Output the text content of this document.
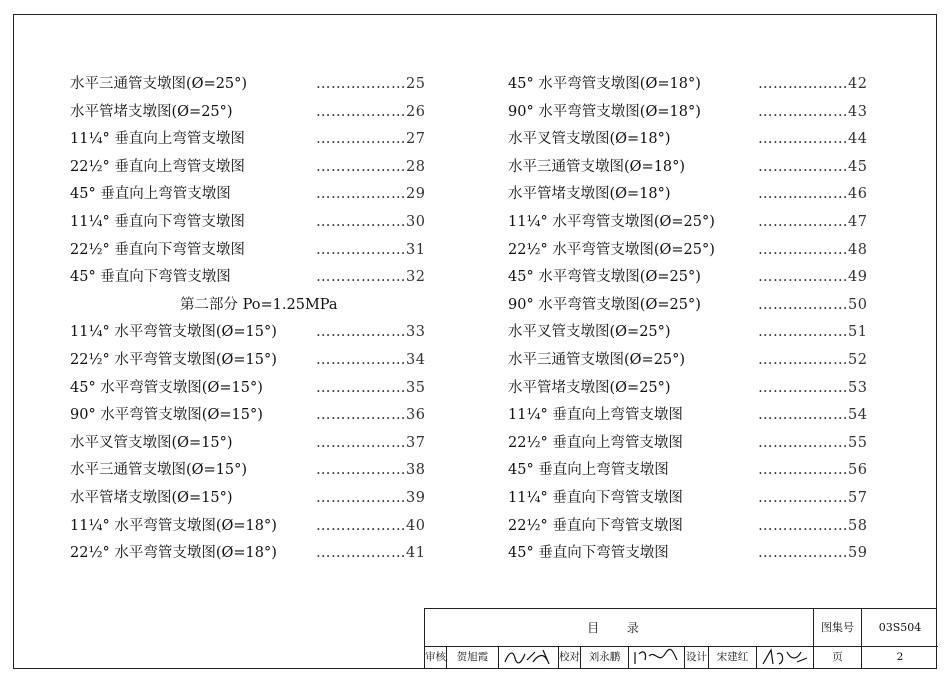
水平三通管支墩图(Ø=25°)	………………25
水平管堵支墩图(Ø=25°)	………………26
11¼° 垂直向上弯管支墩图	………………27
22½° 垂直向上弯管支墩图	………………28
45° 垂直向上弯管支墩图	………………29
11¼° 垂直向下弯管支墩图	………………30
22½° 垂直向下弯管支墩图	………………31
45° 垂直向下弯管支墩图	………………32
第二部分 Po=1.25MPa
11¼° 水平弯管支墩图(Ø=15°)	………………33
22½° 水平弯管支墩图(Ø=15°)	………………34
45° 水平弯管支墩图(Ø=15°)	………………35
90° 水平弯管支墩图(Ø=15°)	………………36
水平叉管支墩图(Ø=15°)	………………37
水平三通管支墩图(Ø=15°)	………………38
水平管堵支墩图(Ø=15°)	………………39
11¼° 水平弯管支墩图(Ø=18°)	………………40
22½° 水平弯管支墩图(Ø=18°)	………………41
45° 水平弯管支墩图(Ø=18°)	………………42
90° 水平弯管支墩图(Ø=18°)	………………43
水平叉管支墩图(Ø=18°)	………………44
水平三通管支墩图(Ø=18°)	………………45
水平管堵支墩图(Ø=18°)	………………46
11¼° 水平弯管支墩图(Ø=25°)	………………47
22½° 水平弯管支墩图(Ø=25°)	………………48
45° 水平弯管支墩图(Ø=25°)	………………49
90° 水平弯管支墩图(Ø=25°)	………………50
水平叉管支墩图(Ø=25°)	………………51
水平三通管支墩图(Ø=25°)	………………52
水平管堵支墩图(Ø=25°)	………………53
11¼° 垂直向上弯管支墩图	………………54
22½° 垂直向上弯管支墩图	………………55
45° 垂直向上弯管支墩图	………………56
11¼° 垂直向下弯管支墩图	………………57
22½° 垂直向下弯管支墩图	………………58
45° 垂直向下弯管支墩图	………………59
目 录	图集号	03S504
审核	贺旭霞	校对 刘永鹏	设计 宋建红	页	2
